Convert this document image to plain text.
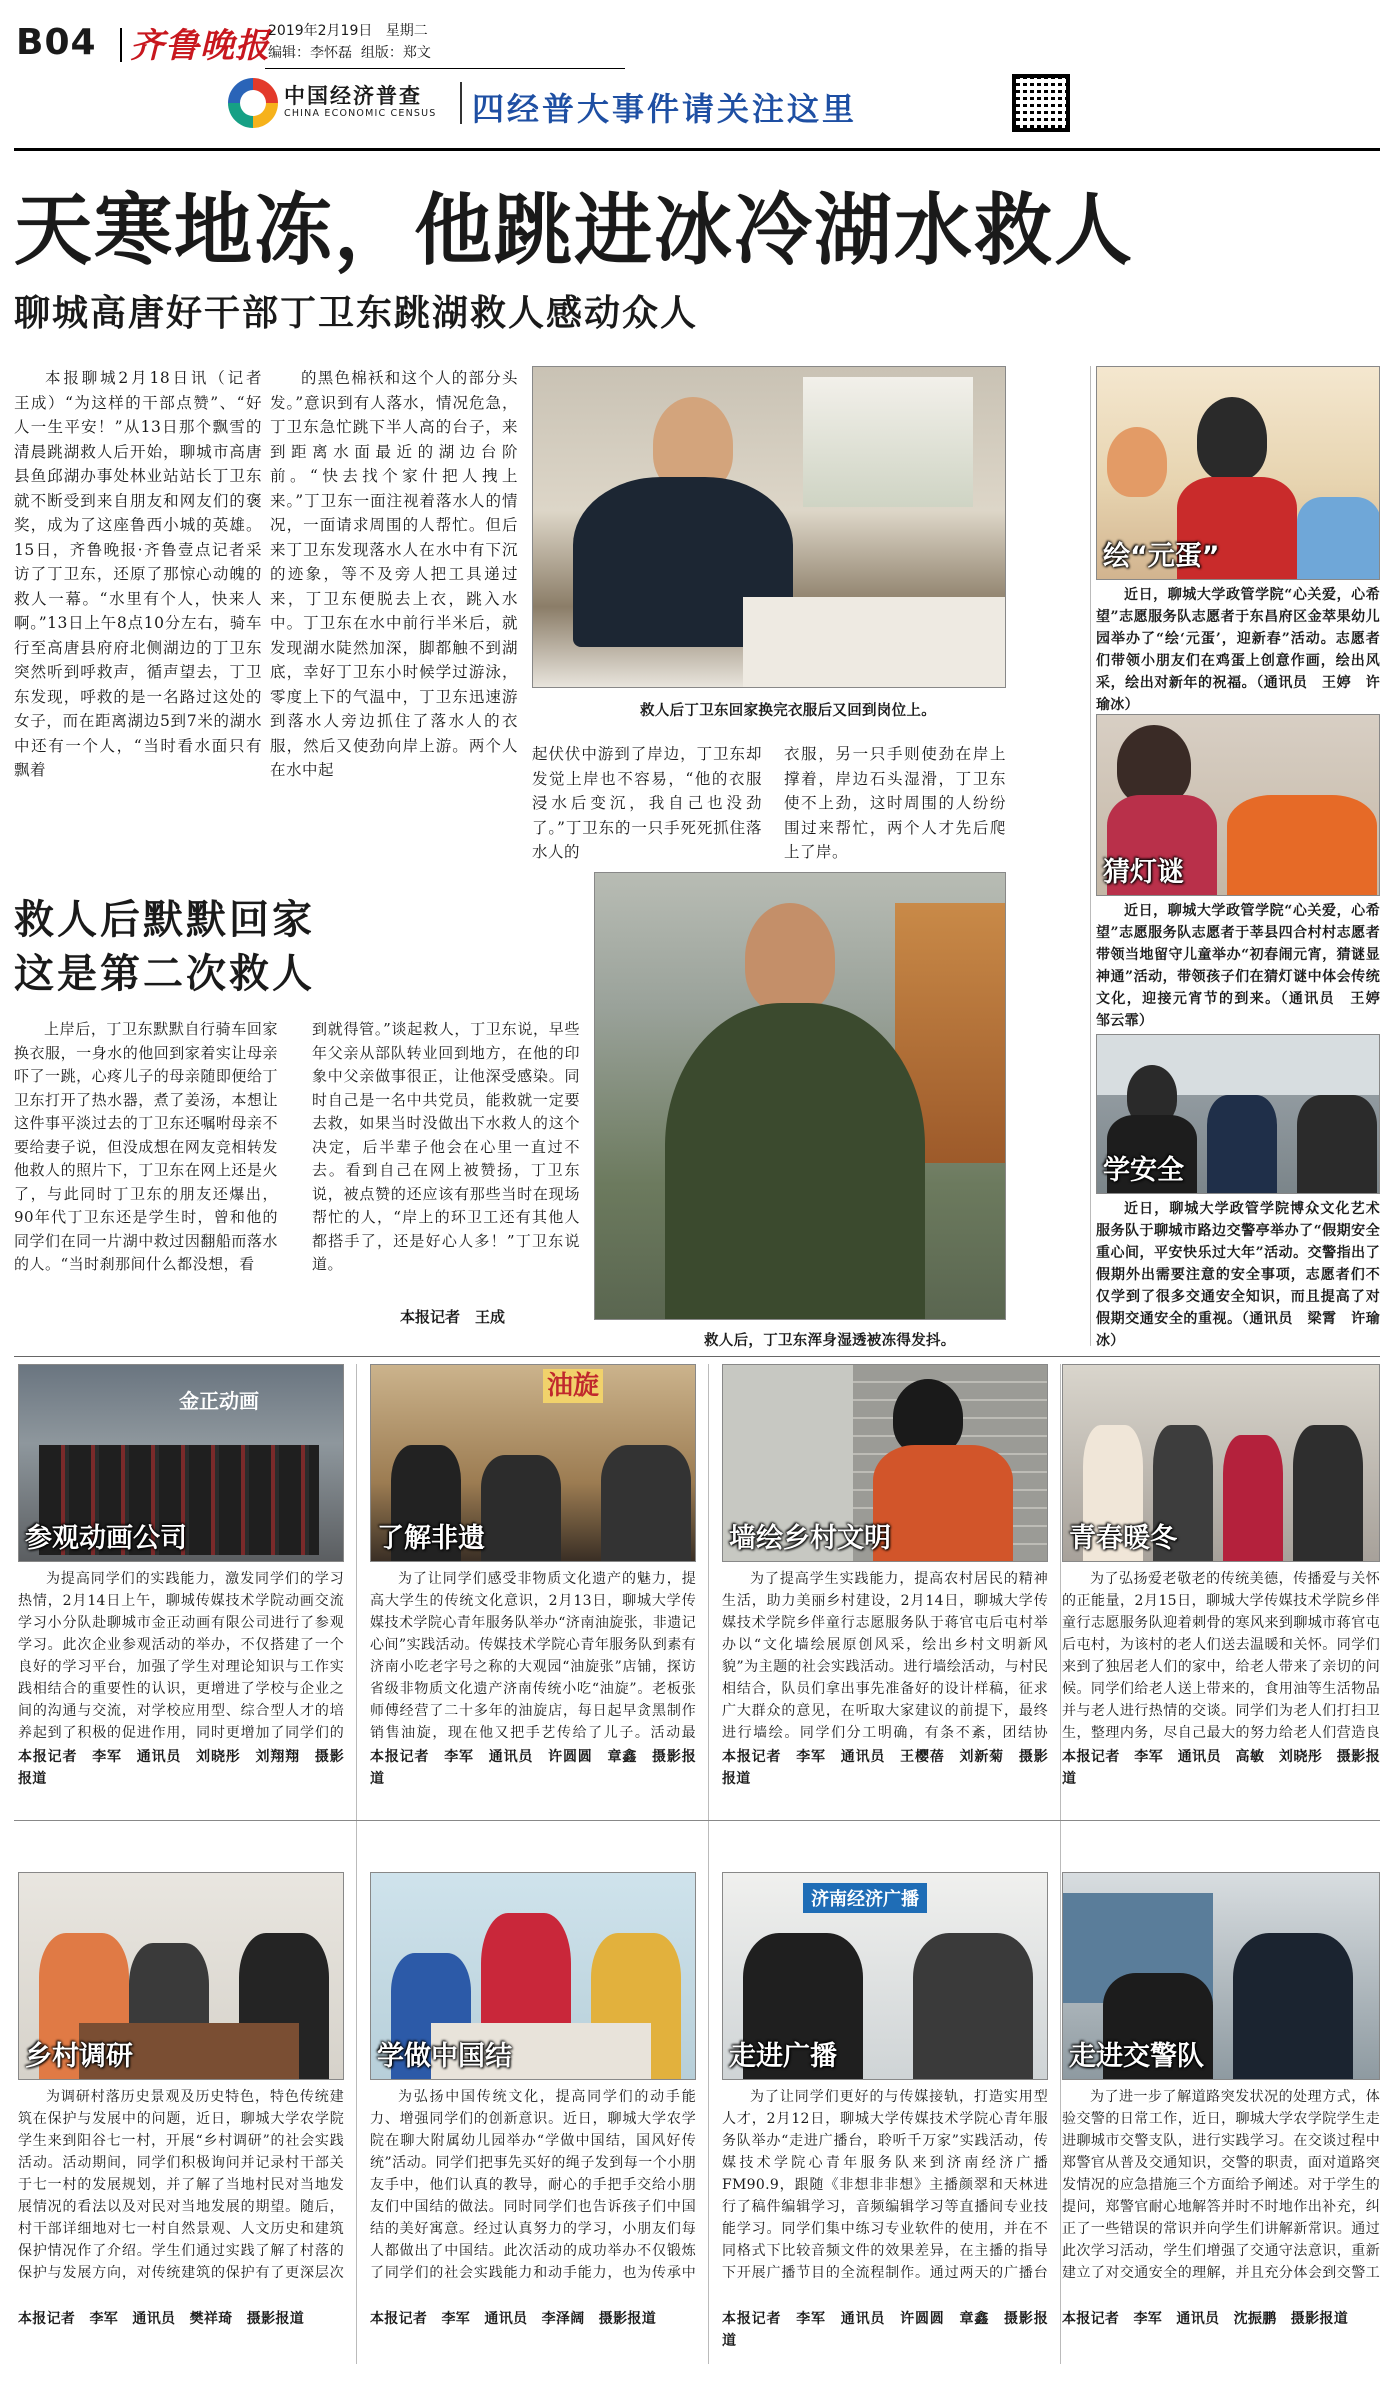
B04 齐鲁晚报
2019年2月19日 星期二
编辑：李怀磊 组版：郑文
中国经济普查
CHINA ECONOMIC CENSUS 四经普大事件请关注这里
天寒地冻，他跳进冰冷湖水救人
聊城高唐好干部丁卫东跳湖救人感动众人

本报聊城2月18日讯（记者　王成）“为这样的干部点赞”、“好人一生平安！”从13日那个飘雪的清晨跳湖救人后开始，聊城市高唐县鱼邱湖办事处林业站站长丁卫东就不断受到来自朋友和网友们的褒奖，成为了这座鲁西小城的英雄。15日，齐鲁晚报·齐鲁壹点记者采访了丁卫东，还原了那惊心动魄的救人一幕。“水里有个人，快来人啊。”13日上午8点10分左右，骑车行至高唐县府府北侧湖边的丁卫东突然听到呼救声，循声望去，丁卫东发现，呼救的是一名路过这处的女子，而在距离湖边5到7米的湖水中还有一个人，“当时看水面只有飘着

的黑色棉袄和这个人的部分头发。”意识到有人落水，情况危急，丁卫东急忙跳下半人高的台子，来到距离水面最近的湖边台阶前。“快去找个家什把人拽上来。”丁卫东一面注视着落水人的情况，一面请求周围的人帮忙。但后来丁卫东发现落水人在水中有下沉的迹象，等不及旁人把工具递过来，丁卫东便脱去上衣，跳入水中。丁卫东在水中前行半米后，就发现湖水陡然加深，脚都触不到湖底，幸好丁卫东小时候学过游泳，零度上下的气温中，丁卫东迅速游到落水人旁边抓住了落水人的衣服，然后又使劲向岸上游。两个人在水中起

救人后丁卫东回家换完衣服后又回到岗位上。
起伏伏中游到了岸边，丁卫东却发觉上岸也不容易，“他的衣服浸水后变沉，我自己也没劲了。”丁卫东的一只手死死抓住落水人的
衣服，另一只手则使劲在岸上撑着，岸边石头湿滑，丁卫东使不上劲，这时周围的人纷纷围过来帮忙，两个人才先后爬上了岸。
救人后默默回家
这是第二次救人

上岸后，丁卫东默默自行骑车回家换衣服，一身水的他回到家着实让母亲吓了一跳，心疼儿子的母亲随即便给丁卫东打开了热水器，煮了姜汤，本想让这件事平淡过去的丁卫东还嘱咐母亲不要给妻子说，但没成想在网友竞相转发他救人的照片下，丁卫东在网上还是火了，与此同时丁卫东的朋友还爆出，90年代丁卫东还是学生时，曾和他的同学们在同一片湖中救过因翻船而落水的人。“当时刹那间什么都没想，看

到就得管。”谈起救人，丁卫东说，早些年父亲从部队转业回到地方，在他的印象中父亲做事很正，让他深受感染。同时自己是一名中共党员，能救就一定要去救，如果当时没做出下水救人的这个决定，后半辈子他会在心里一直过不去。看到自己在网上被赞扬，丁卫东说，被点赞的还应该有那些当时在现场帮忙的人，“岸上的环卫工还有其他人都搭手了，还是好心人多！”丁卫东说道。
本报记者　王成
救人后，丁卫东浑身湿透被冻得发抖。
绘“元蛋”
近日，聊城大学政管学院“心关爱，心希望”志愿服务队志愿者于东昌府区金萃果幼儿园举办了“绘‘元蛋’，迎新春”活动。志愿者们带领小朋友们在鸡蛋上创意作画，绘出风采，绘出对新年的祝福。（通讯员　王婷　许瑜冰）
猜灯谜
近日，聊城大学政管学院“心关爱，心希望”志愿服务队志愿者于莘县四合村村志愿者带领当地留守儿童举办“初春闹元宵，猜谜显神通”活动，带领孩子们在猜灯谜中体会传统文化，迎接元宵节的到来。（通讯员　王婷　邹云霏）
学安全
近日，聊城大学政管学院博众文化艺术服务队于聊城市路边交警亭举办了“假期安全重心间，平安快乐过大年”活动。交警指出了假期外出需要注意的安全事项，志愿者们不仅学到了很多交通安全知识，而且提高了对假期交通安全的重视。（通讯员　梁霄　许瑜冰）
金正动画
参观动画公司

为提高同学们的实践能力，激发同学们的学习热情，2月14日上午，聊城传媒技术学院动画交流学习小分队赴聊城市金正动画有限公司进行了参观学习。此次企业参观活动的举办，不仅搭建了一个良好的学习平台，加强了学生对理论知识与工作实践相结合的重要性的认识，更增进了学校与企业之间的沟通与交流，对学校应用型、综合型人才的培养起到了积极的促进作用，同时更增加了同学们的

本报记者　李军　通讯员　刘晓彤　刘翔翔　摄影报道
油旋
了解非遗

为了让同学们感受非物质文化遗产的魅力，提高大学生的传统文化意识，2月13日，聊城大学传媒技术学院心青年服务队举办“济南油旋张，非遗记心间”实践活动。传媒技术学院心青年服务队到素有济南小吃老字号之称的大观园“油旋张”店铺，探访省级非物质文化遗产济南传统小吃“油旋”。老板张师傅经营了二十多年的油旋店，每日起早贪黑制作销售油旋，现在他又把手艺传给了儿子。活动最

本报记者　李军　通讯员　许圆圆　章鑫　摄影报道
墙绘乡村文明

为了提高学生实践能力，提高农村居民的精神生活，助力美丽乡村建设，2月14日，聊城大学传媒技术学院乡伴童行志愿服务队于蒋官屯后屯村举办以“文化墙绘展原创风采，绘出乡村文明新风貌”为主题的社会实践活动。进行墙绘活动，与村民相结合，队员们拿出事先准备好的设计样稿，征求广大群众的意见，在听取大家建议的前提下，最终进行墙绘。同学们分工明确，有条不紊，团结协

本报记者　李军　通讯员　王樱蓓　刘新菊　摄影报道
青春暖冬

为了弘扬爱老敬老的传统美德，传播爱与关怀的正能量，2月15日，聊城大学传媒技术学院乡伴童行志愿服务队迎着刺骨的寒风来到聊城市蒋官屯后屯村，为该村的老人们送去温暖和关怀。同学们来到了独居老人们的家中，给老人带来了亲切的问候。同学们给老人送上带来的，食用油等生活物品并与老人进行热情的交谈。同学们为老人们打扫卫生，整理内务，尽自己最大的努力给老人们营造良

本报记者　李军　通讯员　高敏　刘晓彤　摄影报道
乡村调研

为调研村落历史景观及历史特色，特色传统建筑在保护与发展中的问题，近日，聊城大学农学院学生来到阳谷七一村，开展“乡村调研”的社会实践活动。活动期间，同学们积极询问并记录村干部关于七一村的发展规划，并了解了当地村民对当地发展情况的看法以及对民对当地发展的期望。随后，村干部详细地对七一村自然景观、人文历史和建筑保护情况作了介绍。学生们通过实践了解了村落的保护与发展方向，对传统建筑的保护有了更深层次

本报记者　李军　通讯员　樊祥琦　摄影报道
学做中国结

为弘扬中国传统文化，提高同学们的动手能力、增强同学们的创新意识。近日，聊城大学农学院在聊大附属幼儿园举办“学做中国结，国风好传统”活动。同学们把事先买好的绳子发到每一个小朋友手中，他们认真的教导，耐心的手把手交给小朋友们中国结的做法。同时同学们也告诉孩子们中国结的美好寓意。经过认真努力的学习，小朋友们每人都做出了中国结。此次活动的成功举办不仅锻炼了同学们的社会实践能力和动手能力，也为传承中

本报记者　李军　通讯员　李泽阔　摄影报道
济南经济广播
走进广播

为了让同学们更好的与传媒接轨，打造实用型人才，2月12日，聊城大学传媒技术学院心青年服务队举办“走进广播台，聆听千万家”实践活动，传媒技术学院心青年服务队来到济南经济广播FM90.9，跟随《非想非非想》主播颜翠和天林进行了稿件编辑学习，音频编辑学习等直播间专业技能学习。同学们集中练习专业软件的使用，并在不同格式下比较音频文件的效果差异，在主播的指导下开展广播节目的全流程制作。通过两天的广播台

本报记者　李军　通讯员　许圆圆　章鑫　摄影报道
走进交警队

为了进一步了解道路突发状况的处理方式，体验交警的日常工作，近日，聊城大学农学院学生走进聊城市交警支队，进行实践学习。在交谈过程中郑警官从普及交通知识，交警的职责，面对道路突发情况的应急措施三个方面给予阐述。对于学生的提问，郑警官耐心地解答并时不时地作出补充，纠正了一些错误的常识并向学生们讲解新常识。通过此次学习活动，学生们增强了交通守法意识，重新建立了对交通安全的理解，并且充分体会到交警工

本报记者　李军　通讯员　沈振鹏　摄影报道
